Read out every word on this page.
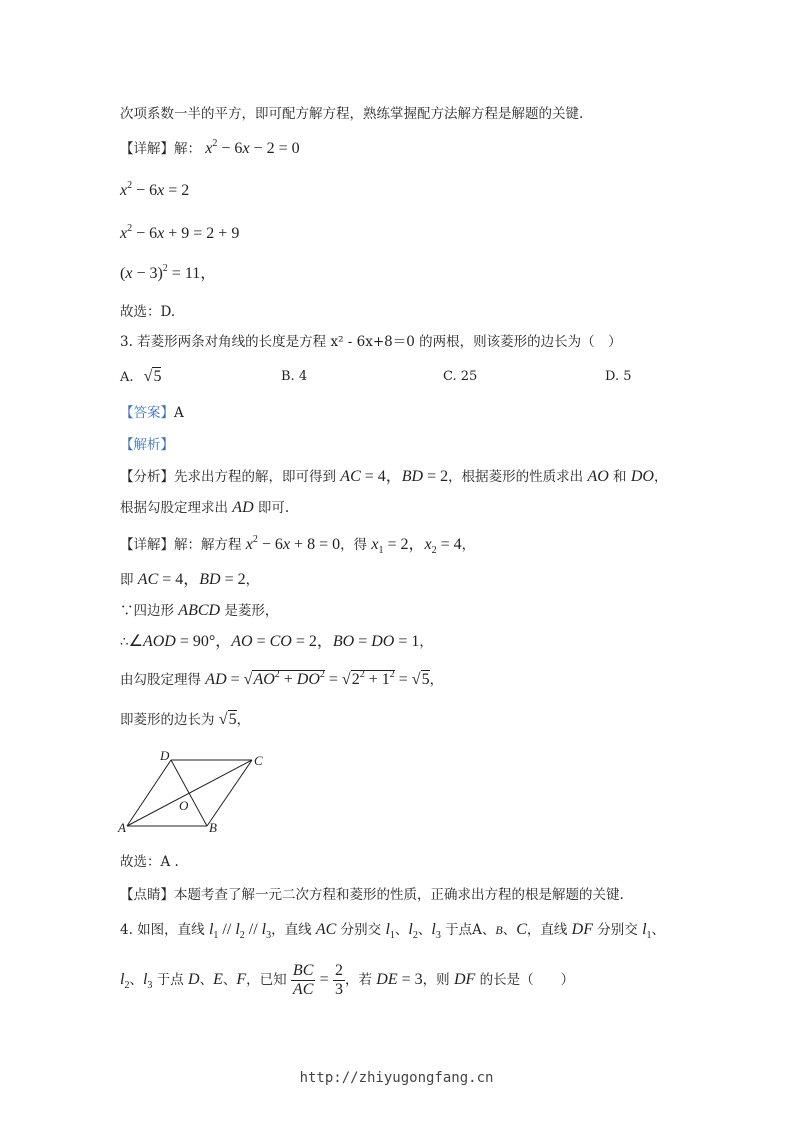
次项系数一半的平方，即可配方解方程，熟练掌握配方法解方程是解题的关键.
【详解】解： $x^2 - 6x - 2 = 0$
$x^2 - 6x = 2$
$x^2 - 6x + 9 = 2 + 9$
$(x - 3)^2 = 11$，
故选：D.
3. 若菱形两条对角线的长度是方程 x² - 6x+8＝0 的两根，则该菱形的边长为（　）
A. √5	B. 4	C. 25	D. 5
【答案】A
【解析】
【分析】先求出方程的解，即可得到 AC = 4，BD = 2，根据菱形的性质求出 AO 和 DO，
根据勾股定理求出 AD 即可.
【详解】解：解方程 $x^2 - 6x + 8 = 0$，得 $x_1 = 2$，$x_2 = 4$，
即 AC = 4，BD = 2，
∵四边形 ABCD 是菱形，
∴∠AOD = 90°，AO = CO = 2，BO = DO = 1，
由勾股定理得 AD = $√AO^2 + DO^2 = √2^2 + 1^2 = √5$，
即菱形的边长为 √5，
D	C
O
A	B
故选：A .
【点睛】本题考查了解一元二次方程和菱形的性质，正确求出方程的根是解题的关键.
4. 如图，直线 $l_1 // l_2 // l_3$，直线 AC 分别交 $l_1$、$l_2$、$l_3$ 于点A、B、C，直线 DF 分别交 $l_1$、
$l_2$、$l_3$ 于点 D、E、F，已知 $\frac{BC}{AC} = \frac{2}{3}$ ，若 DE = 3，则 DF 的长是（　　）
http://zhiyugongfang.cn
